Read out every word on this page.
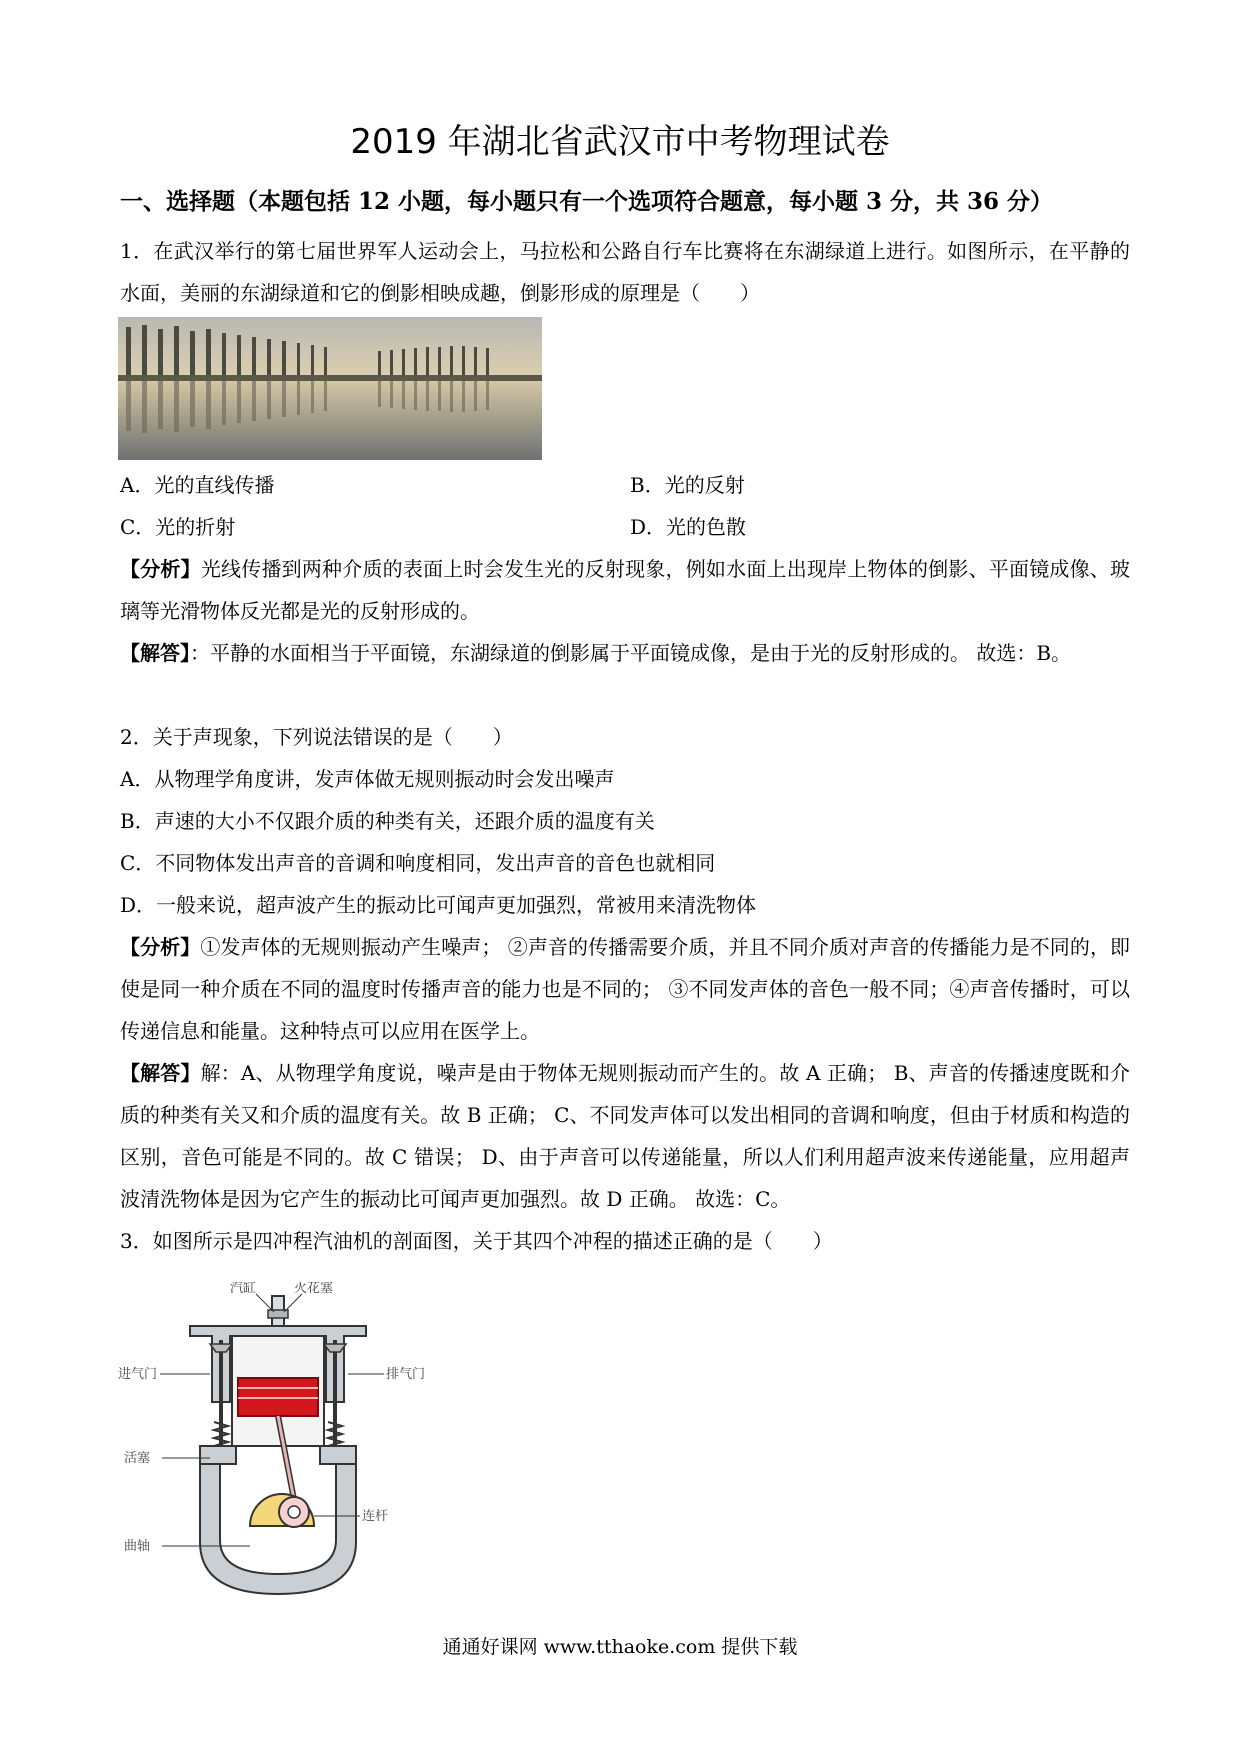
2019 年湖北省武汉市中考物理试卷
一、选择题（本题包括 12 小题，每小题只有一个选项符合题意，每小题 3 分，共 36 分）

1．在武汉举行的第七届世界军人运动会上，马拉松和公路自行车比赛将在东湖绿道上进行。如图所示，在平静的水面，美丽的东湖绿道和它的倒影相映成趣，倒影形成的原理是（　　）

A．光的直线传播	B．光的反射
C．光的折射	D．光的色散

【分析】光线传播到两种介质的表面上时会发生光的反射现象，例如水面上出现岸上物体的倒影、平面镜成像、玻璃等光滑物体反光都是光的反射形成的。

【解答】：平静的水面相当于平面镜，东湖绿道的倒影属于平面镜成像，是由于光的反射形成的。 故选：B。

2．关于声现象，下列说法错误的是（　　）

A．从物理学角度讲，发声体做无规则振动时会发出噪声

B．声速的大小不仅跟介质的种类有关，还跟介质的温度有关

C．不同物体发出声音的音调和响度相同，发出声音的音色也就相同

D．一般来说，超声波产生的振动比可闻声更加强烈，常被用来清洗物体

【分析】①发声体的无规则振动产生噪声； ②声音的传播需要介质，并且不同介质对声音的传播能力是不同的，即使是同一种介质在不同的温度时传播声音的能力也是不同的； ③不同发声体的音色一般不同；④声音传播时，可以传递信息和能量。这种特点可以应用在医学上。

【解答】解：A、从物理学角度说，噪声是由于物体无规则振动而产生的。故 A 正确； B、声音的传播速度既和介质的种类有关又和介质的温度有关。故 B 正确； C、不同发声体可以发出相同的音调和响度，但由于材质和构造的区别，音色可能是不同的。故 C 错误； D、由于声音可以传递能量，所以人们利用超声波来传递能量，应用超声波清洗物体是因为它产生的振动比可闻声更加强烈。故 D 正确。 故选：C。

3．如图所示是四冲程汽油机的剖面图，关于其四个冲程的描述正确的是（　　）

汽缸	火花塞
进气门	排气门
活塞
连杆
曲轴
通通好课网 www.tthaoke.com 提供下载
